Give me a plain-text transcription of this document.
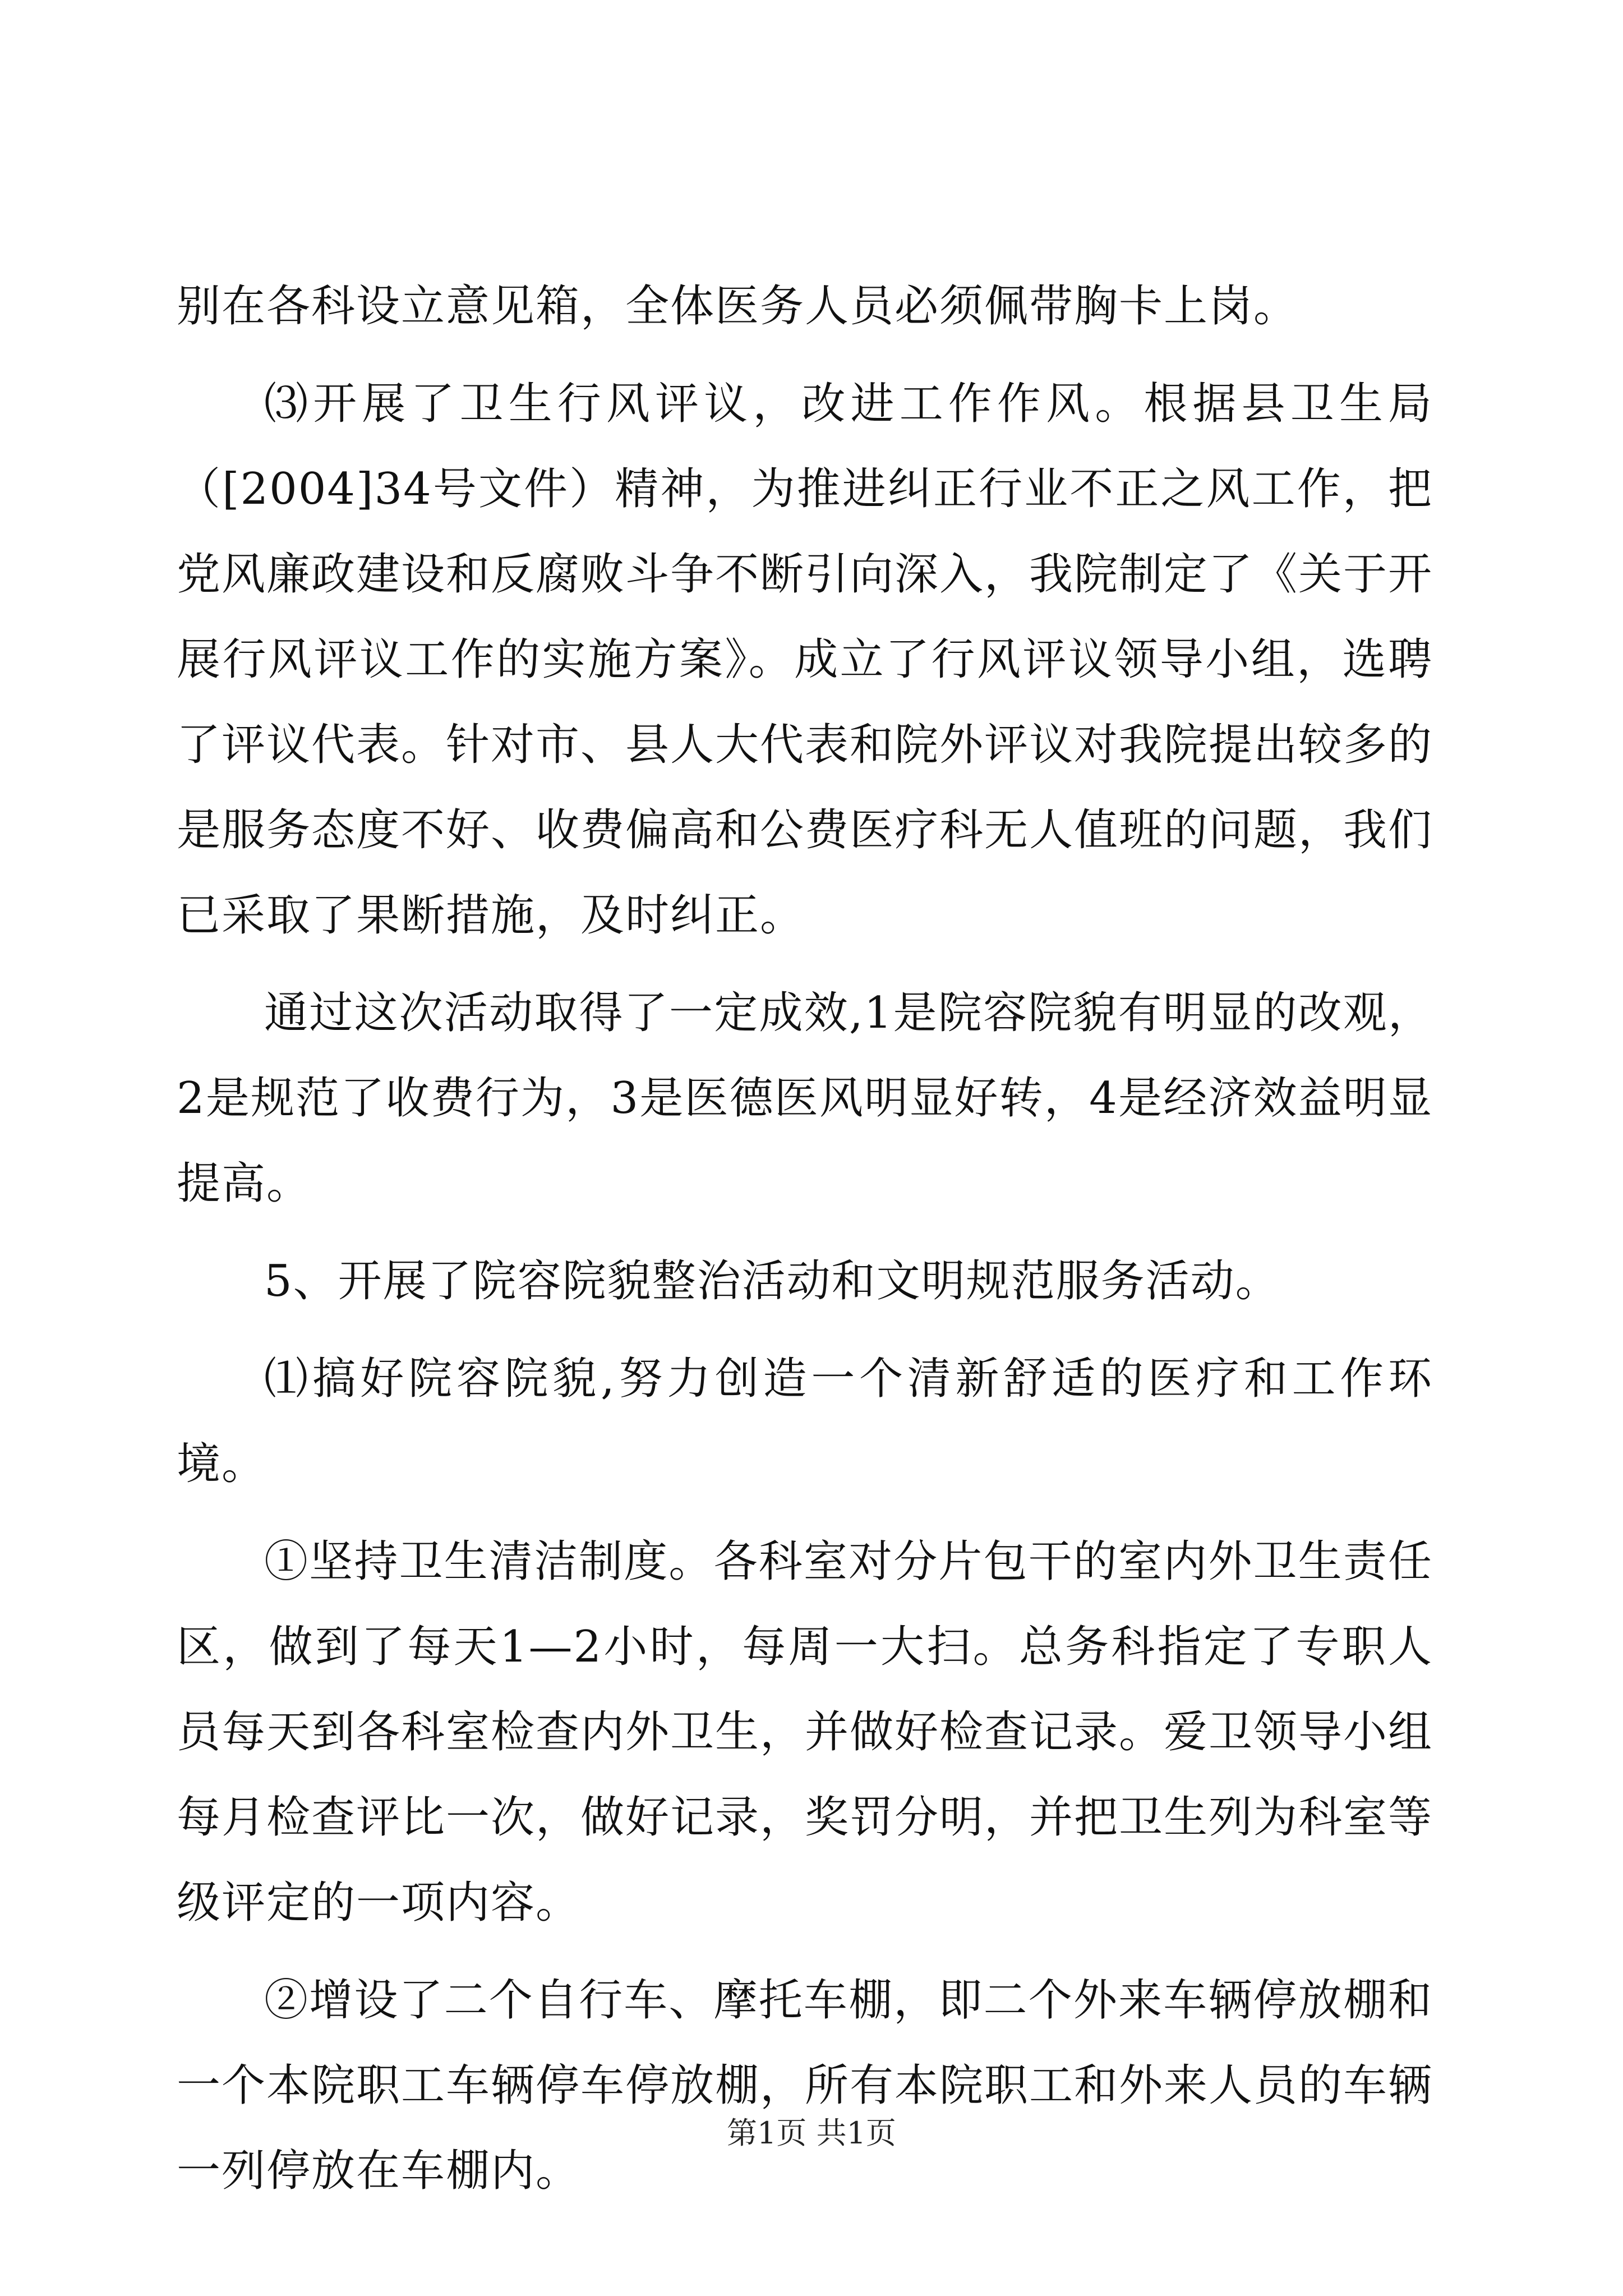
别在各科设立意见箱，全体医务人员必须佩带胸卡上岗。

⑶开展了卫生行风评议，改进工作作风。根据县卫生局（[2004]34号文件）精神，为推进纠正行业不正之风工作，把党风廉政建设和反腐败斗争不断引向深入，我院制定了《关于开展行风评议工作的实施方案》。成立了行风评议领导小组，选聘了评议代表。针对市、县人大代表和院外评议对我院提出较多的是服务态度不好、收费偏高和公费医疗科无人值班的问题，我们已采取了果断措施，及时纠正。

通过这次活动取得了一定成效,1是院容院貌有明显的改观，2是规范了收费行为，3是医德医风明显好转，4是经济效益明显提高。

5、开展了院容院貌整治活动和文明规范服务活动。

⑴搞好院容院貌,努力创造一个清新舒适的医疗和工作环境。

①坚持卫生清洁制度。各科室对分片包干的室内外卫生责任区，做到了每天1—2小时，每周一大扫。总务科指定了专职人员每天到各科室检查内外卫生，并做好检查记录。爱卫领导小组每月检查评比一次，做好记录，奖罚分明，并把卫生列为科室等级评定的一项内容。

②增设了二个自行车、摩托车棚，即二个外来车辆停放棚和一个本院职工车辆停车停放棚，所有本院职工和外来人员的车辆一列停放在车棚内。

第1页 共1页
